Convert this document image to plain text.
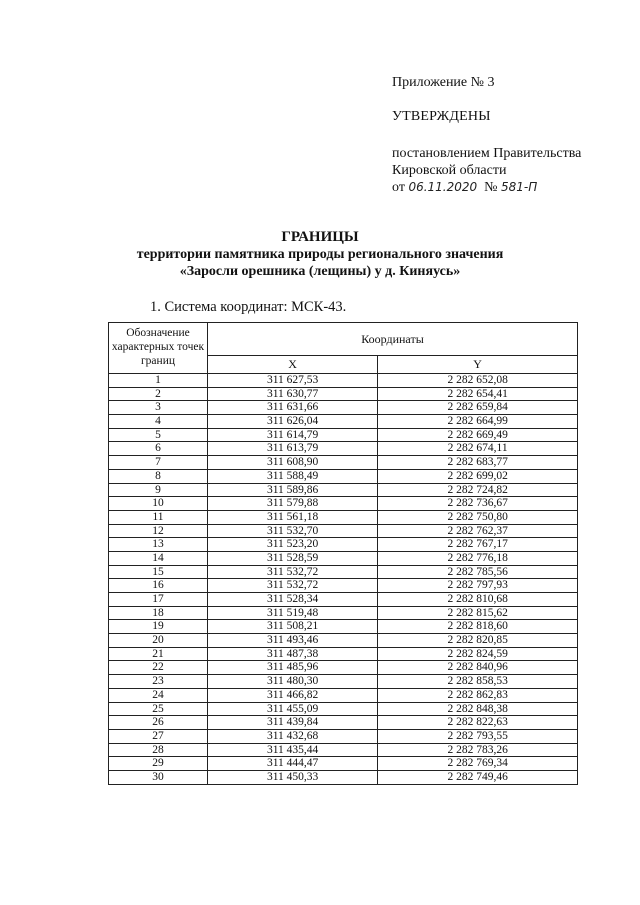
Приложение № 3
УТВЕРЖДЕНЫ
постановлением Правительства
Кировской области
от 06.11.2020 № 581-П
ГРАНИЦЫ
территории памятника природы регионального значения
«Заросли орешника (лещины) у д. Киняусь»
1. Система координат: МСК-43.
Обозначение характерных точек границ	Координаты	
	X	Y
1	311 627,53	2 282 652,08
2	311 630,77	2 282 654,41
3	311 631,66	2 282 659,84
4	311 626,04	2 282 664,99
5	311 614,79	2 282 669,49
6	311 613,79	2 282 674,11
7	311 608,90	2 282 683,77
8	311 588,49	2 282 699,02
9	311 589,86	2 282 724,82
10	311 579,88	2 282 736,67
11	311 561,18	2 282 750,80
12	311 532,70	2 282 762,37
13	311 523,20	2 282 767,17
14	311 528,59	2 282 776,18
15	311 532,72	2 282 785,56
16	311 532,72	2 282 797,93
17	311 528,34	2 282 810,68
18	311 519,48	2 282 815,62
19	311 508,21	2 282 818,60
20	311 493,46	2 282 820,85
21	311 487,38	2 282 824,59
22	311 485,96	2 282 840,96
23	311 480,30	2 282 858,53
24	311 466,82	2 282 862,83
25	311 455,09	2 282 848,38
26	311 439,84	2 282 822,63
27	311 432,68	2 282 793,55
28	311 435,44	2 282 783,26
29	311 444,47	2 282 769,34
30	311 450,33	2 282 749,46
